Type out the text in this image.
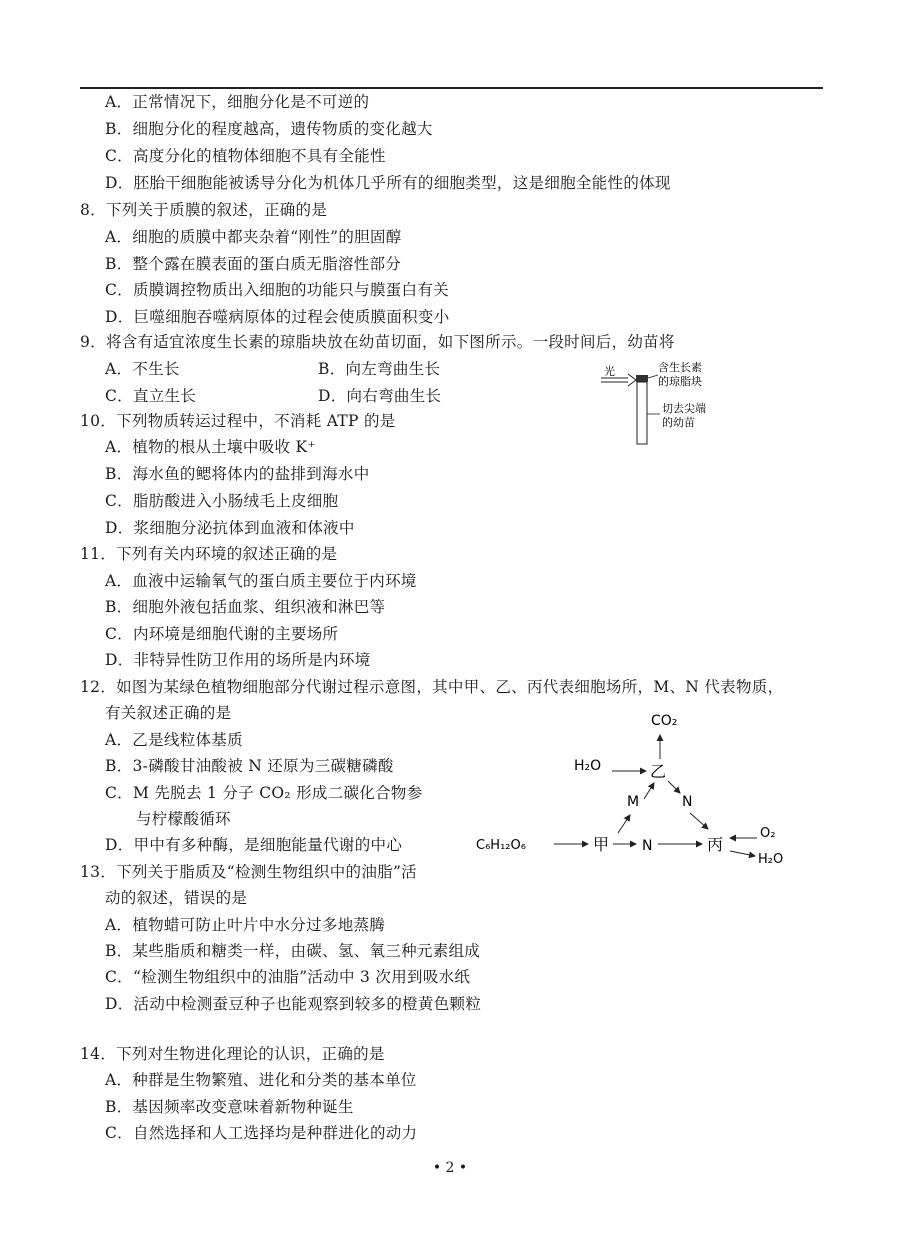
A．正常情况下，细胞分化是不可逆的
B．细胞分化的程度越高，遗传物质的变化越大
C．高度分化的植物体细胞不具有全能性
D．胚胎干细胞能被诱导分化为机体几乎所有的细胞类型，这是细胞全能性的体现
8．下列关于质膜的叙述，正确的是
A．细胞的质膜中都夹杂着“刚性”的胆固醇
B．整个露在膜表面的蛋白质无脂溶性部分
C．质膜调控物质出入细胞的功能只与膜蛋白有关
D．巨噬细胞吞噬病原体的过程会使质膜面积变小
9．将含有适宜浓度生长素的琼脂块放在幼苗切面，如下图所示。一段时间后，幼苗将
A．不生长	B．向左弯曲生长
C．直立生长	D．向右弯曲生长
光	含生长素
的琼脂块
切去尖端
的幼苗
10．下列物质转运过程中，不消耗 ATP 的是
A．植物的根从土壤中吸收 K⁺
B．海水鱼的鳃将体内的盐排到海水中
C．脂肪酸进入小肠绒毛上皮细胞
D．浆细胞分泌抗体到血液和体液中
11．下列有关内环境的叙述正确的是
A．血液中运输氧气的蛋白质主要位于内环境
B．细胞外液包括血浆、组织液和淋巴等
C．内环境是细胞代谢的主要场所
D．非特异性防卫作用的场所是内环境
12．如图为某绿色植物细胞部分代谢过程示意图，其中甲、乙、丙代表细胞场所，M、N 代表物质，
有关叙述正确的是
A．乙是线粒体基质
B．3-磷酸甘油酸被 N 还原为三碳糖磷酸
C．M 先脱去 1 分子 CO₂ 形成二碳化合物参
与柠檬酸循环
D．甲中有多种酶，是细胞能量代谢的中心
CO₂
H₂O	乙
M	N
C₆H₁₂O₆	甲 N	丙
O₂
H₂O
13．下列关于脂质及“检测生物组织中的油脂”活
动的叙述，错误的是
A．植物蜡可防止叶片中水分过多地蒸腾
B．某些脂质和糖类一样，由碳、氢、氧三种元素组成
C．“检测生物组织中的油脂”活动中 3 次用到吸水纸
D．活动中检测蚕豆种子也能观察到较多的橙黄色颗粒
14．下列对生物进化理论的认识，正确的是
A．种群是生物繁殖、进化和分类的基本单位
B．基因频率改变意味着新物种诞生
C．自然选择和人工选择均是种群进化的动力
• 2 •
